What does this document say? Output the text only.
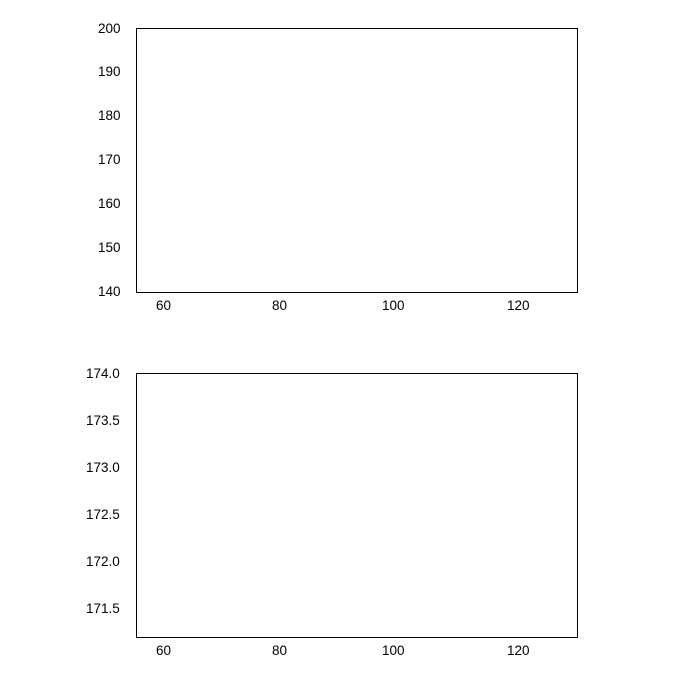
200
190
180
170
160
150
140
60	80	100	120
174.0
173.5
173.0
172.5
172.0
171.5
60	80	100	120
